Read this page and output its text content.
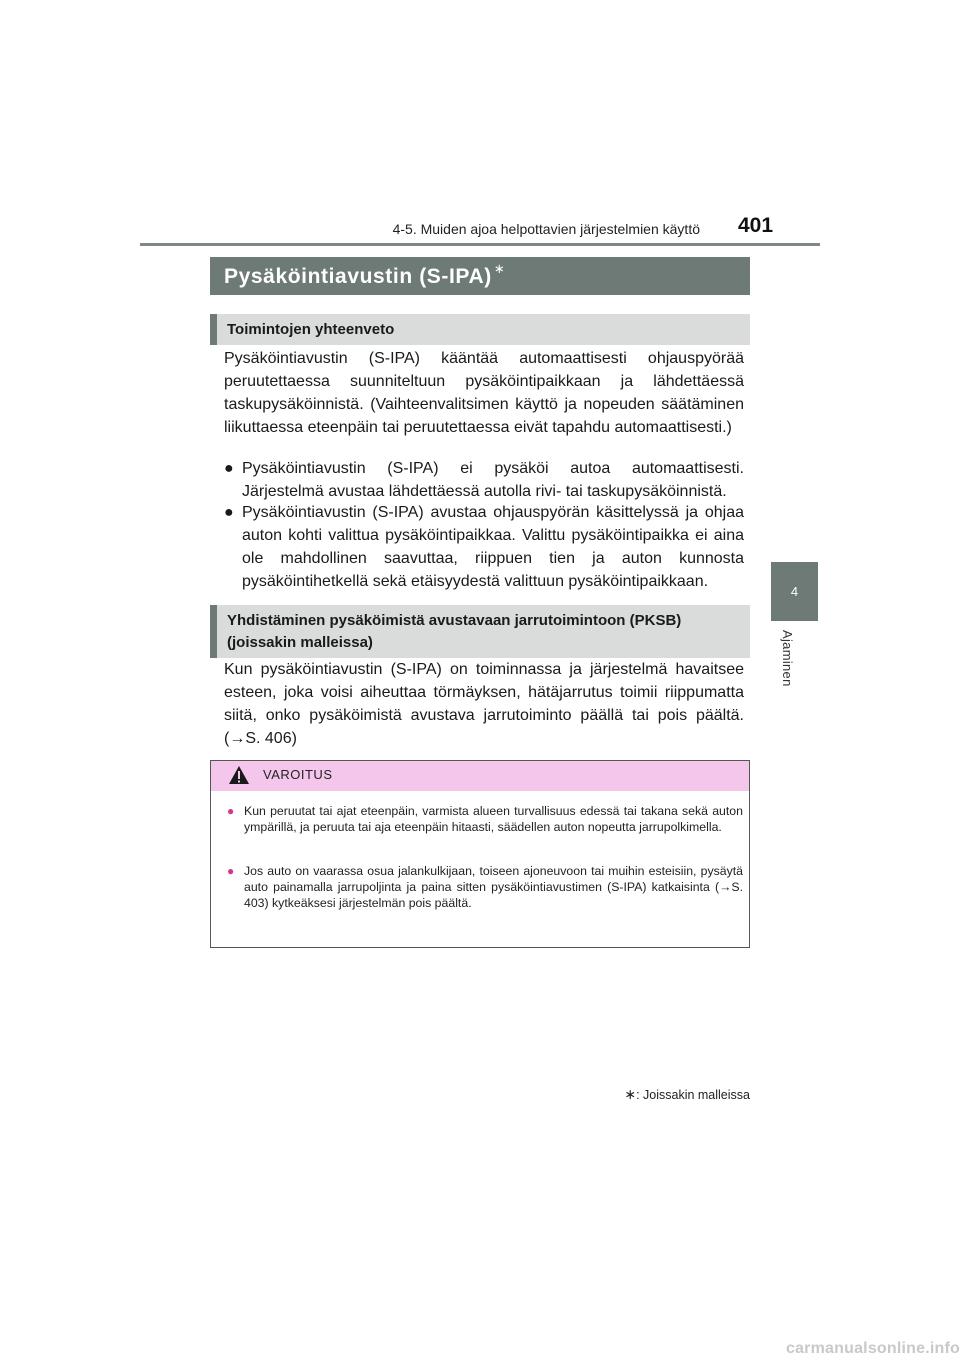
4-5. Muiden ajoa helpottavien järjestelmien käyttö 401
4
Ajaminen
Pysäköintiavustin (S-IPA) ∗
Toimintojen yhteenveto
Pysäköintiavustin (S-IPA) kääntää automaattisesti ohjauspyörää peruutettaessa suunniteltuun pysäköintipaikkaan ja lähdettäessä taskupysäköinnistä. (Vaihteenvalitsimen käyttö ja nopeuden säätäminen liikuttaessa eteenpäin tai peruutettaessa eivät tapahdu automaattisesti.)
● Pysäköintiavustin (S-IPA) ei pysäköi autoa automaattisesti. Järjestelmä avustaa lähdettäessä autolla rivi- tai taskupysäköinnistä.
● Pysäköintiavustin (S-IPA) avustaa ohjauspyörän käsittelyssä ja ohjaa auton kohti valittua pysäköintipaikkaa. Valittu pysäköintipaikka ei aina ole mahdollinen saavuttaa, riippuen tien ja auton kunnosta pysäköintihetkellä sekä etäisyydestä valittuun pysäköintipaikkaan.
Yhdistäminen pysäköimistä avustavaan jarrutoimintoon (PKSB) (joissakin malleissa)
Kun pysäköintiavustin (S-IPA) on toiminnassa ja järjestelmä havaitsee esteen, joka voisi aiheuttaa törmäyksen, hätäjarrutus toimii riippumatta siitä, onko pysäköimistä avustava jarrutoiminto päällä tai pois päältä. (→S. 406)
VAROITUS
● Kun peruutat tai ajat eteenpäin, varmista alueen turvallisuus edessä tai takana sekä auton ympärillä, ja peruuta tai aja eteenpäin hitaasti, säädellen auton nopeutta jarrupolkimella.
● Jos auto on vaarassa osua jalankulkijaan, toiseen ajoneuvoon tai muihin esteisiin, pysäytä auto painamalla jarrupoljinta ja paina sitten pysäköintiavustimen (S-IPA) katkaisinta (→S. 403) kytkeäksesi järjestelmän pois päältä.
∗: Joissakin malleissa
carmanualsonline.info
